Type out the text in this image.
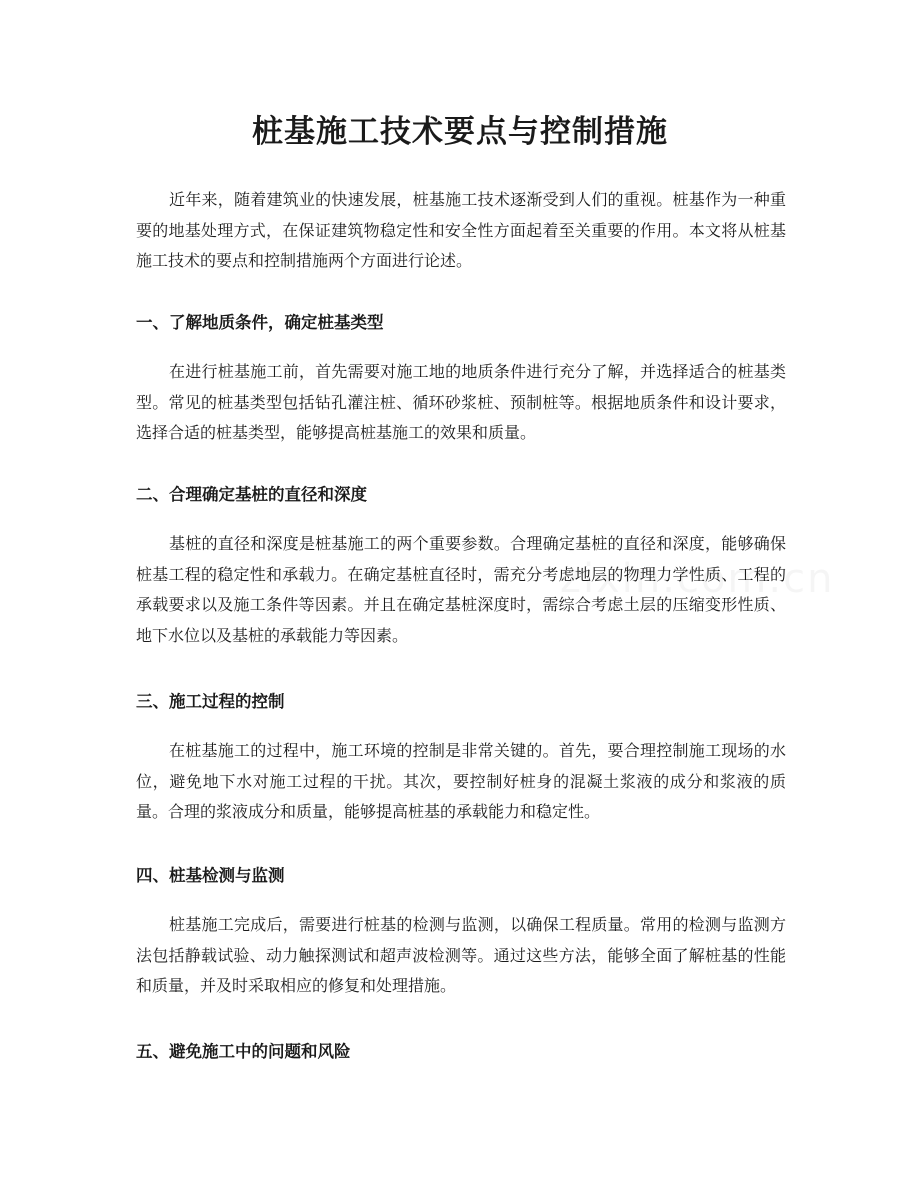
桩基施工技术要点与控制措施

近年来，随着建筑业的快速发展，桩基施工技术逐渐受到人们的重视。桩基作为一种重要的地基处理方式，在保证建筑物稳定性和安全性方面起着至关重要的作用。本文将从桩基施工技术的要点和控制措施两个方面进行论述。

一、了解地质条件，确定桩基类型

在进行桩基施工前，首先需要对施工地的地质条件进行充分了解，并选择适合的桩基类型。常见的桩基类型包括钻孔灌注桩、循环砂浆桩、预制桩等。根据地质条件和设计要求，选择合适的桩基类型，能够提高桩基施工的效果和质量。

二、合理确定基桩的直径和深度

基桩的直径和深度是桩基施工的两个重要参数。合理确定基桩的直径和深度，能够确保桩基工程的稳定性和承载力。在确定基桩直径时，需充分考虑地层的物理力学性质、工程的承载要求以及施工条件等因素。并且在确定基桩深度时，需综合考虑土层的压缩变形性质、地下水位以及基桩的承载能力等因素。

三、施工过程的控制

在桩基施工的过程中，施工环境的控制是非常关键的。首先，要合理控制施工现场的水位，避免地下水对施工过程的干扰。其次，要控制好桩身的混凝土浆液的成分和浆液的质量。合理的浆液成分和质量，能够提高桩基的承载能力和稳定性。

四、桩基检测与监测

桩基施工完成后，需要进行桩基的检测与监测，以确保工程质量。常用的检测与监测方法包括静载试验、动力触探测试和超声波检测等。通过这些方法，能够全面了解桩基的性能和质量，并及时采取相应的修复和处理措施。

五、避免施工中的问题和风险
